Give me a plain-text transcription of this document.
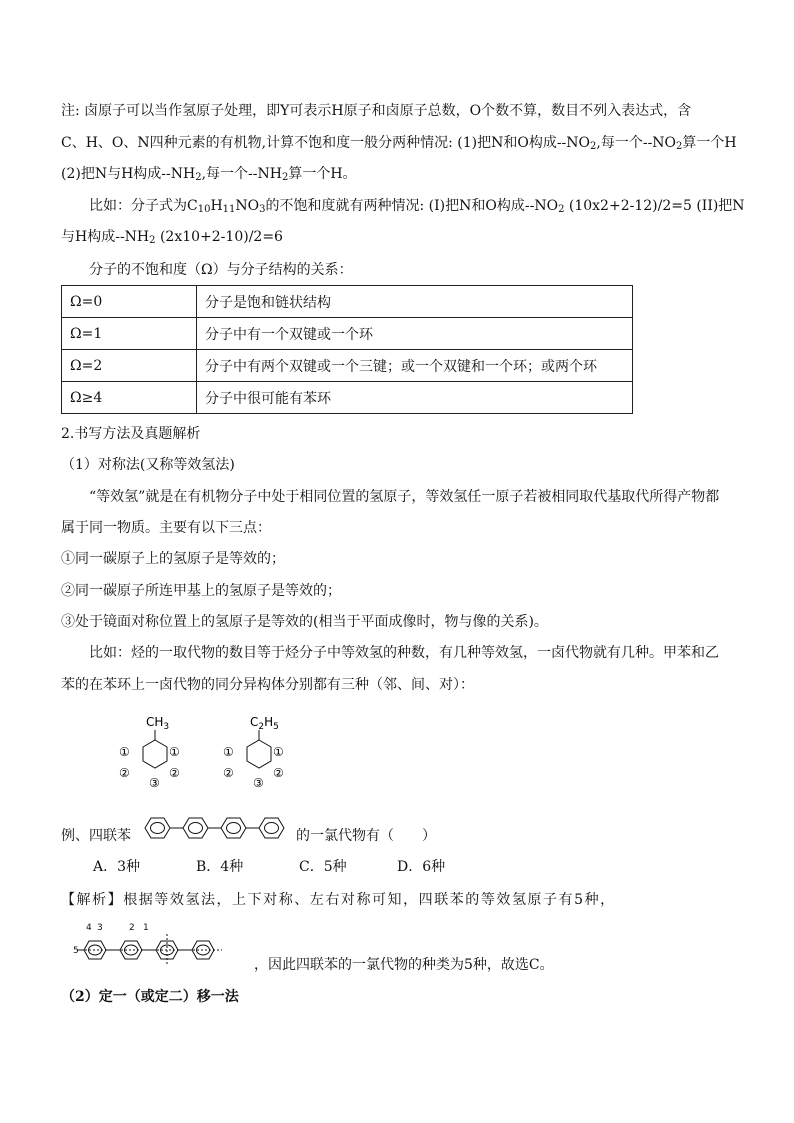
注: 卤原子可以当作氢原子处理，即Y可表示H原子和卤原子总数，O个数不算，数目不列入表达式，含
C、H、O、N四种元素的有机物,计算不饱和度一般分两种情况: (1)把N和O构成$--NO_2$,每一个$--NO_2$算一个H
(2)把N与H构成$--NH_2$,每一个$--NH_2$算一个H。
比如：分子式为$C_{10}H_{11}NO_3$的不饱和度就有两种情况: (I)把N和O构成$--NO_2$ (10x2+2-12)/2=5 (II)把N
与H构成$--NH_2$ (2x10+2-10)/2=6
分子的不饱和度（Ω）与分子结构的关系：
Ω=0	分子是饱和链状结构
Ω=1	分子中有一个双键或一个环
Ω=2	分子中有两个双键或一个三键；或一个双键和一个环；或两个环
Ω≥4	分子中很可能有苯环
2.书写方法及真题解析
（1）对称法(又称等效氢法)
“等效氢”就是在有机物分子中处于相同位置的氢原子，等效氢任一原子若被相同取代基取代所得产物都
属于同一物质。主要有以下三点：
①同一碳原子上的氢原子是等效的；
②同一碳原子所连甲基上的氢原子是等效的；
③处于镜面对称位置上的氢原子是等效的(相当于平面成像时，物与像的关系)。
比如：烃的一取代物的数目等于烃分子中等效氢的种数，有几种等效氢，一卤代物就有几种。甲苯和乙
苯的在苯环上一卤代物的同分异构体分别都有三种（邻、间、对）：
$CH_3$
①	①
②	②
③
$C_2H_5$
①	①
②	②
③
例、四联苯	的一氯代物有（　　）
A．3种	B．4种	C．5种	D．6种
【解析】根据等效氢法，上下对称、左右对称可知，四联苯的等效氢原子有5种，
4 3	2 1
5
，因此四联苯的一氯代物的种类为5种，故选C。
（2）定一（或定二）移一法
